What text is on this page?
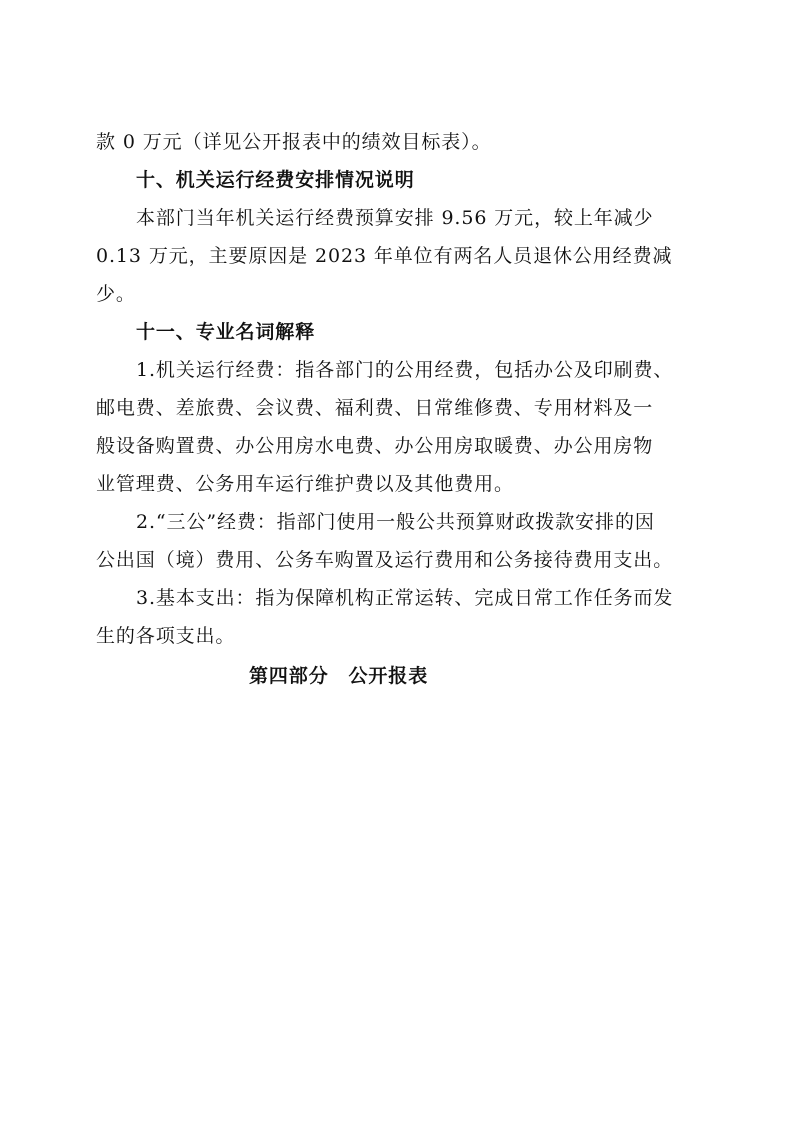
款 0 万元（详见公开报表中的绩效目标表）。
十、机关运行经费安排情况说明
本部门当年机关运行经费预算安排 9.56 万元，较上年减少
0.13 万元，主要原因是 2023 年单位有两名人员退休公用经费减
少。
十一、专业名词解释
1.机关运行经费：指各部门的公用经费，包括办公及印刷费、
邮电费、差旅费、会议费、福利费、日常维修费、专用材料及一
般设备购置费、办公用房水电费、办公用房取暖费、办公用房物
业管理费、公务用车运行维护费以及其他费用。
2.“三公”经费：指部门使用一般公共预算财政拨款安排的因
公出国（境）费用、公务车购置及运行费用和公务接待费用支出。
3.基本支出：指为保障机构正常运转、完成日常工作任务而发
生的各项支出。
第四部分　公开报表
